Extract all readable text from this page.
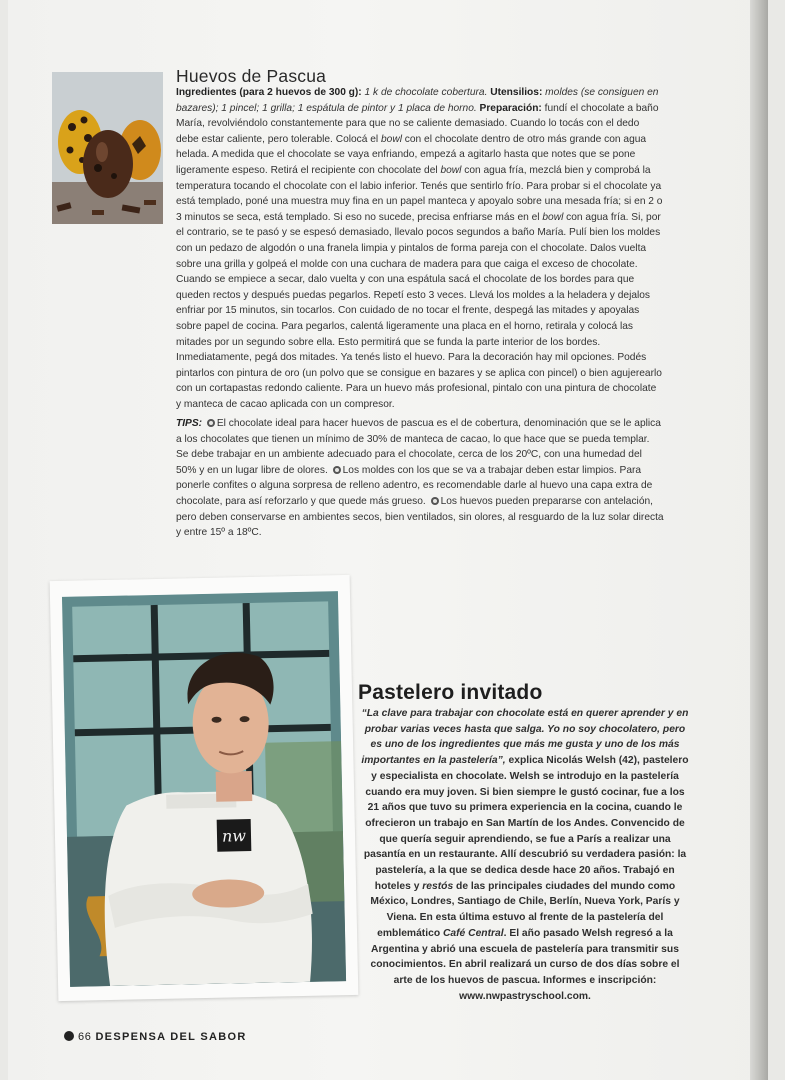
Huevos de Pascua

Ingredientes (para 2 huevos de 300 g): 1 k de chocolate cobertura. Utensilios: moldes (se consiguen en bazares); 1 pincel; 1 grilla; 1 espátula de pintor y 1 placa de horno. Preparación: fundí el chocolate a baño María, revolviéndolo constantemente para que no se caliente demasiado. Cuando lo tocás con el dedo debe estar caliente, pero tolerable. Colocá el bowl con el chocolate dentro de otro más grande con agua helada. A medida que el chocolate se vaya enfriando, empezá a agitarlo hasta que notes que se pone ligeramente espeso. Retirá el recipiente con chocolate del bowl con agua fría, mezclá bien y comprobá la temperatura tocando el chocolate con el labio inferior. Tenés que sentirlo frío. Para probar si el chocolate ya está templado, poné una muestra muy fina en un papel manteca y apoyalo sobre una mesada fría; si en 2 o 3 minutos se seca, está templado. Si eso no sucede, precisa enfriarse más en el bowl con agua fría. Si, por el contrario, se te pasó y se espesó demasiado, llevalo pocos segundos a baño María. Pulí bien los moldes con un pedazo de algodón o una franela limpia y pintalos de forma pareja con el chocolate. Dalos vuelta sobre una grilla y golpeá el molde con una cuchara de madera para que caiga el exceso de chocolate. Cuando se empiece a secar, dalo vuelta y con una espátula sacá el chocolate de los bordes para que queden rectos y después puedas pegarlos. Repetí esto 3 veces. Llevá los moldes a la heladera y dejalos enfriar por 15 minutos, sin tocarlos. Con cuidado de no tocar el frente, despegá las mitades y apoyalas sobre papel de cocina. Para pegarlos, calentá ligeramente una placa en el horno, retirala y colocá las mitades por un segundo sobre ella. Esto permitirá que se funda la parte interior de los bordes. Inmediatamente, pegá dos mitades. Ya tenés listo el huevo. Para la decoración hay mil opciones. Podés pintarlos con pintura de oro (un polvo que se consigue en bazares y se aplica con pincel) o bien agujerearlo con un cortapastas redondo caliente. Para un huevo más profesional, pintalo con una pintura de chocolate y manteca de cacao aplicada con un compresor.

TIPS: El chocolate ideal para hacer huevos de pascua es el de cobertura, denominación que se le aplica a los chocolates que tienen un mínimo de 30% de manteca de cacao, lo que hace que se pueda templar. Se debe trabajar en un ambiente adecuado para el chocolate, cerca de los 20ºC, con una humedad del 50% y en un lugar libre de olores. Los moldes con los que se va a trabajar deben estar limpios. Para ponerle confites o alguna sorpresa de relleno adentro, es recomendable darle al huevo una capa extra de chocolate, para así reforzarlo y que quede más grueso. Los huevos pueden prepararse con antelación, pero deben conservarse en ambientes secos, bien ventilados, sin olores, al resguardo de la luz solar directa y entre 15º a 18ºC.

nw
Pastelero invitado

“La clave para trabajar con chocolate está en querer aprender y en probar varias veces hasta que salga. Yo no soy chocolatero, pero es uno de los ingredientes que más me gusta y uno de los más importantes en la pastelería”, explica Nicolás Welsh (42), pastelero y especialista en chocolate. Welsh se introdujo en la pastelería cuando era muy joven. Si bien siempre le gustó cocinar, fue a los 21 años que tuvo su primera experiencia en la cocina, cuando le ofrecieron un trabajo en San Martín de los Andes. Convencido de que quería seguir aprendiendo, se fue a París a realizar una pasantía en un restaurante. Allí descubrió su verdadera pasión: la pastelería, a la que se dedica desde hace 20 años. Trabajó en hoteles y restós de las principales ciudades del mundo como México, Londres, Santiago de Chile, Berlín, Nueva York, París y Viena. En esta última estuvo al frente de la pastelería del emblemático Café Central. El año pasado Welsh regresó a la Argentina y abrió una escuela de pastelería para transmitir sus conocimientos. En abril realizará un curso de dos días sobre el arte de los huevos de pascua. Informes e inscripción: www.nwpastryschool.com.

66 DESPENSA DEL SABOR
